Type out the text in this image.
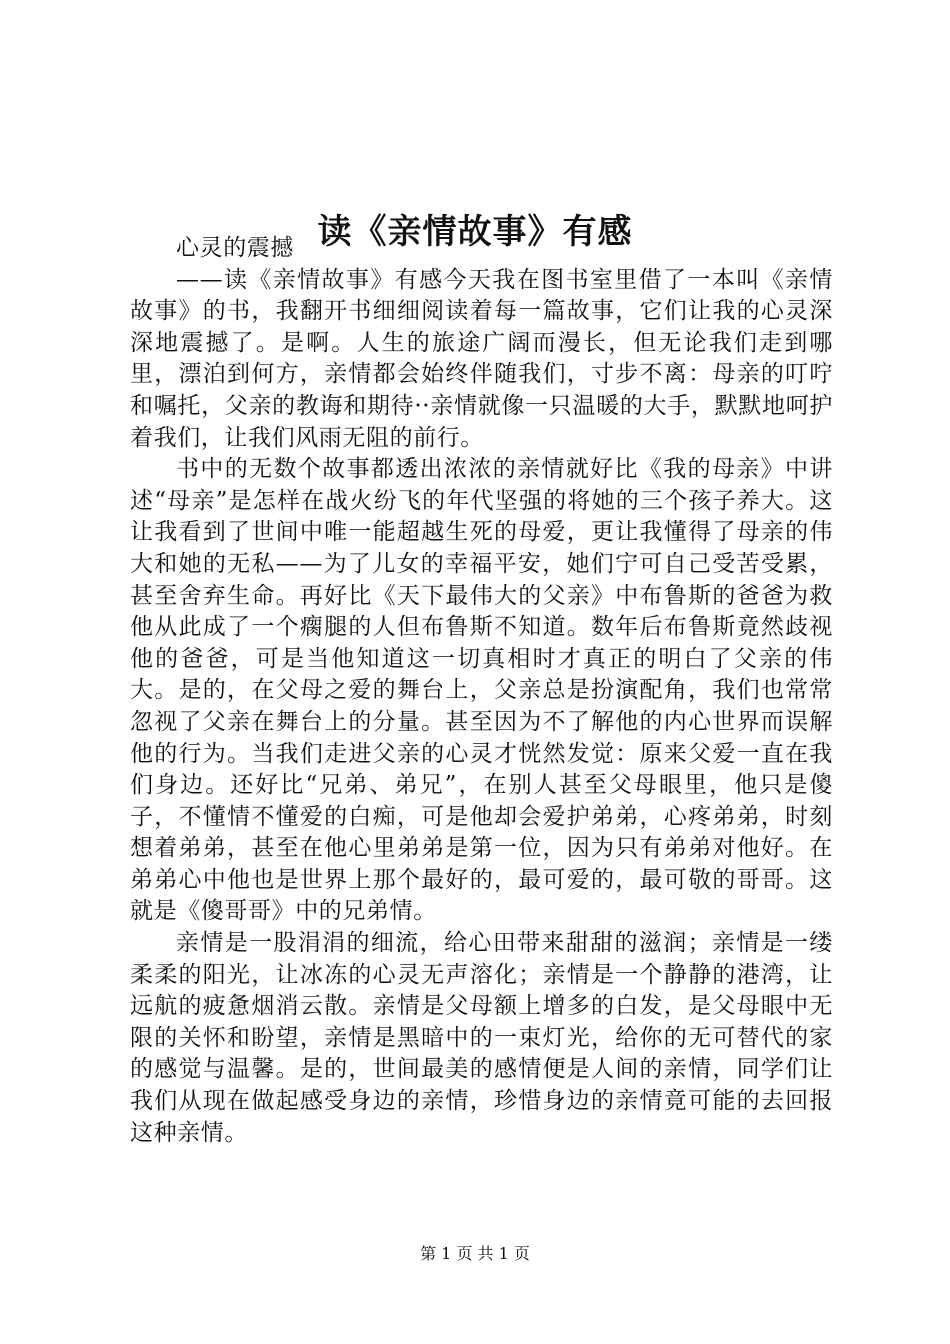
读《亲情故事》有感

心灵的震撼

——读《亲情故事》有感今天我在图书室里借了一本叫《亲情故事》的书，我翻开书细细阅读着每一篇故事，它们让我的心灵深深地震撼了。是啊。人生的旅途广阔而漫长，但无论我们走到哪里，漂泊到何方，亲情都会始终伴随我们，寸步不离：母亲的叮咛和嘱托，父亲的教诲和期待··亲情就像一只温暖的大手，默默地呵护着我们，让我们风雨无阻的前行。

书中的无数个故事都透出浓浓的亲情就好比《我的母亲》中讲述“母亲”是怎样在战火纷飞的年代坚强的将她的三个孩子养大。这让我看到了世间中唯一能超越生死的母爱，更让我懂得了母亲的伟大和她的无私——为了儿女的幸福平安，她们宁可自己受苦受累，甚至舍弃生命。再好比《天下最伟大的父亲》中布鲁斯的爸爸为救他从此成了一个瘸腿的人但布鲁斯不知道。数年后布鲁斯竟然歧视他的爸爸，可是当他知道这一切真相时才真正的明白了父亲的伟大。是的，在父母之爱的舞台上，父亲总是扮演配角，我们也常常忽视了父亲在舞台上的分量。甚至因为不了解他的内心世界而误解他的行为。当我们走进父亲的心灵才恍然发觉：原来父爱一直在我们身边。还好比“兄弟、弟兄”，在别人甚至父母眼里，他只是傻子，不懂情不懂爱的白痴，可是他却会爱护弟弟，心疼弟弟，时刻想着弟弟，甚至在他心里弟弟是第一位，因为只有弟弟对他好。在弟弟心中他也是世界上那个最好的，最可爱的，最可敬的哥哥。这就是《傻哥哥》中的兄弟情。

亲情是一股涓涓的细流，给心田带来甜甜的滋润；亲情是一缕柔柔的阳光，让冰冻的心灵无声溶化；亲情是一个静静的港湾，让远航的疲惫烟消云散。亲情是父母额上增多的白发，是父母眼中无限的关怀和盼望，亲情是黑暗中的一束灯光，给你的无可替代的家的感觉与温馨。是的，世间最美的感情便是人间的亲情，同学们让我们从现在做起感受身边的亲情，珍惜身边的亲情竟可能的去回报这种亲情。

第 1 页 共 1 页
